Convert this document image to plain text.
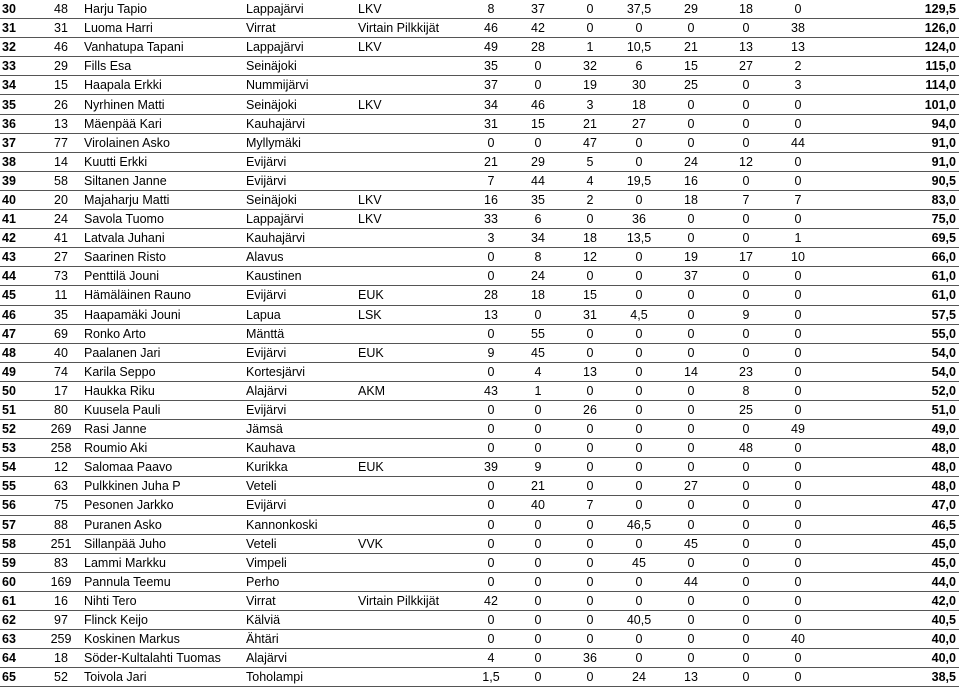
30	48	Harju Tapio	Lappajärvi	LKV	8	37	0	37,5	29	18	0	129,5
31	31	Luoma Harri	Virrat	Virtain Pilkkijät	46	42	0	0	0	0	38	126,0
32	46	Vanhatupa Tapani	Lappajärvi	LKV	49	28	1	10,5	21	13	13	124,0
33	29	Fills Esa	Seinäjoki		35	0	32	6	15	27	2	115,0
34	15	Haapala Erkki	Nummijärvi		37	0	19	30	25	0	3	114,0
35	26	Nyrhinen Matti	Seinäjoki	LKV	34	46	3	18	0	0	0	101,0
36	13	Mäenpää Kari	Kauhajärvi		31	15	21	27	0	0	0	94,0
37	77	Virolainen Asko	Myllymäki		0	0	47	0	0	0	44	91,0
38	14	Kuutti Erkki	Evijärvi		21	29	5	0	24	12	0	91,0
39	58	Siltanen Janne	Evijärvi		7	44	4	19,5	16	0	0	90,5
40	20	Majaharju Matti	Seinäjoki	LKV	16	35	2	0	18	7	7	83,0
41	24	Savola Tuomo	Lappajärvi	LKV	33	6	0	36	0	0	0	75,0
42	41	Latvala Juhani	Kauhajärvi		3	34	18	13,5	0	0	1	69,5
43	27	Saarinen Risto	Alavus		0	8	12	0	19	17	10	66,0
44	73	Penttilä Jouni	Kaustinen		0	24	0	0	37	0	0	61,0
45	11	Hämäläinen Rauno	Evijärvi	EUK	28	18	15	0	0	0	0	61,0
46	35	Haapamäki Jouni	Lapua	LSK	13	0	31	4,5	0	9	0	57,5
47	69	Ronko Arto	Mänttä		0	55	0	0	0	0	0	55,0
48	40	Paalanen Jari	Evijärvi	EUK	9	45	0	0	0	0	0	54,0
49	74	Karila Seppo	Kortesjärvi		0	4	13	0	14	23	0	54,0
50	17	Haukka Riku	Alajärvi	AKM	43	1	0	0	0	8	0	52,0
51	80	Kuusela Pauli	Evijärvi		0	0	26	0	0	25	0	51,0
52	269	Rasi Janne	Jämsä		0	0	0	0	0	0	49	49,0
53	258	Roumio Aki	Kauhava		0	0	0	0	0	48	0	48,0
54	12	Salomaa Paavo	Kurikka	EUK	39	9	0	0	0	0	0	48,0
55	63	Pulkkinen Juha P	Veteli		0	21	0	0	27	0	0	48,0
56	75	Pesonen Jarkko	Evijärvi		0	40	7	0	0	0	0	47,0
57	88	Puranen Asko	Kannonkoski		0	0	0	46,5	0	0	0	46,5
58	251	Sillanpää Juho	Veteli	VVK	0	0	0	0	45	0	0	45,0
59	83	Lammi Markku	Vimpeli		0	0	0	45	0	0	0	45,0
60	169	Pannula Teemu	Perho		0	0	0	0	44	0	0	44,0
61	16	Nihti Tero	Virrat	Virtain Pilkkijät	42	0	0	0	0	0	0	42,0
62	97	Flinck Keijo	Kälviä		0	0	0	40,5	0	0	0	40,5
63	259	Koskinen Markus	Ähtäri		0	0	0	0	0	0	40	40,0
64	18	Söder-Kultalahti Tuomas	Alajärvi		4	0	36	0	0	0	0	40,0
65	52	Toivola Jari	Toholampi		1,5	0	0	24	13	0	0	38,5
